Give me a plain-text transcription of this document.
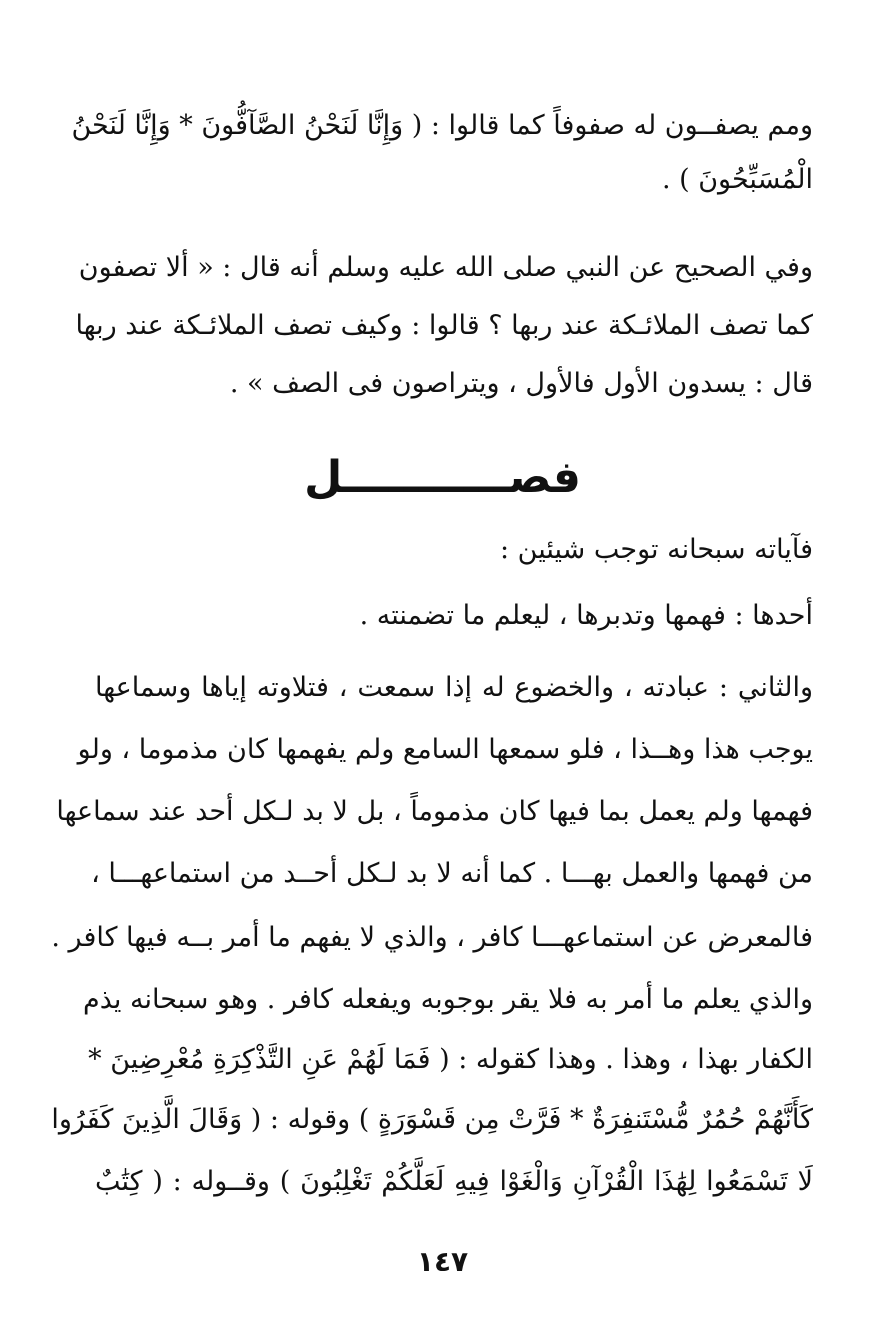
ومم يصفــون له صفوفاً كما قالوا : ( وَإِنَّا لَنَحْنُ الصَّآفُّونَ * وَإِنَّا لَنَحْنُ
الْمُسَبِّحُونَ ) .
وفي الصحيح عن النبي صلى الله عليه وسلم أنه قال : « ألا تصفون
كما تصف الملائـكة عند ربها ؟ قالوا : وكيف تصف الملائـكة عند ربها
قال : يسدون الأول فالأول ، ويتراصون فى الصف » .
فصـــــــــــل
فآياته سبحانه توجب شيئين :
أحدها : فهمها وتدبرها ، ليعلم ما تضمنته .
والثاني : عبادته ، والخضوع له إذا سمعت ، فتلاوته إياها وسماعها
يوجب هذا وهــذا ، فلو سمعها السامع ولم يفهمها كان مذموما ، ولو
فهمها ولم يعمل بما فيها كان مذموماً ، بل لا بد لـكل أحد عند سماعها
من فهمها والعمل بهـــا . كما أنه لا بد لـكل أحــد من استماعهـــا ،
فالمعرض عن استماعهـــا كافر ، والذي لا يفهم ما أمر بــه فيها كافر .
والذي يعلم ما أمر به فلا يقر بوجوبه ويفعله كافر . وهو سبحانه يذم
الكفار بهذا ، وهذا . وهذا كقوله : ( فَمَا لَهُمْ عَنِ التَّذْكِرَةِ مُعْرِضِينَ *
كَأَنَّهُمْ حُمُرٌ مُّسْتَنفِرَةٌ * فَرَّتْ مِن قَسْوَرَةٍ ) وقوله : ( وَقَالَ الَّذِينَ كَفَرُوا
لَا تَسْمَعُوا لِهَٰذَا الْقُرْآنِ وَالْغَوْا فِيهِ لَعَلَّكُمْ تَغْلِبُونَ ) وقــوله : ( كِتَٰبٌ
١٤٧
